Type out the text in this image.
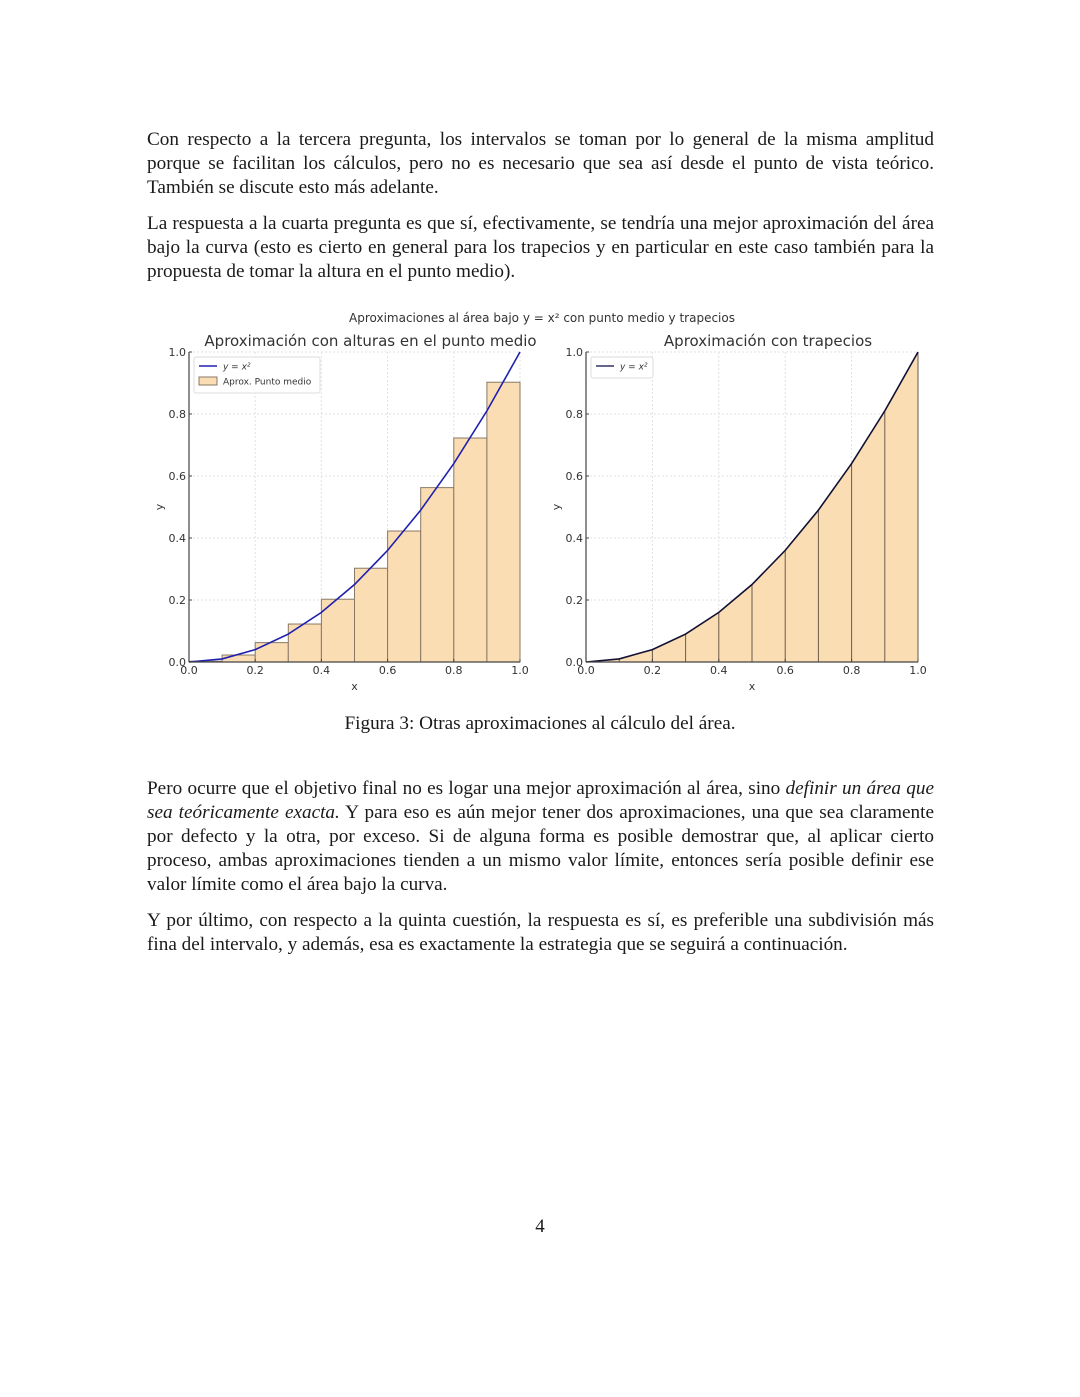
Con respecto a la tercera pregunta, los intervalos se toman por lo general de la misma amplitud porque se facilitan los cálculos, pero no es necesario que sea así desde el punto de vista teórico. También se discute esto más adelante.

La respuesta a la cuarta pregunta es que sí, efectivamente, se tendría una mejor aproximación del área bajo la curva (esto es cierto en general para los trapecios y en particular en este caso también para la propuesta de tomar la altura en el punto medio).

Aproximaciones al área bajo y = x² con punto medio y trapecios
0.0	0.2	0.4	0.6	0.8	1.0
0.0
0.2
0.4
0.6
0.8
1.0
x
y
Aproximación con alturas en el punto medio
y = x²
Aprox. Punto medio
0.0	0.2	0.4	0.6	0.8	1.0
0.0
0.2
0.4
0.6
0.8
1.0
x
y
Aproximación con trapecios
y = x²
Figura 3: Otras aproximaciones al cálculo del área.

Pero ocurre que el objetivo final no es logar una mejor aproximación al área, sino definir un área que sea teóricamente exacta. Y para eso es aún mejor tener dos aproximaciones, una que sea claramente por defecto y la otra, por exceso. Si de alguna forma es posible demostrar que, al aplicar cierto proceso, ambas aproximaciones tienden a un mismo valor límite, entonces sería posible definir ese valor límite como el área bajo la curva.

Y por último, con respecto a la quinta cuestión, la respuesta es sí, es preferible una subdivisión más fina del intervalo, y además, esa es exactamente la estrategia que se seguirá a continuación.

4
